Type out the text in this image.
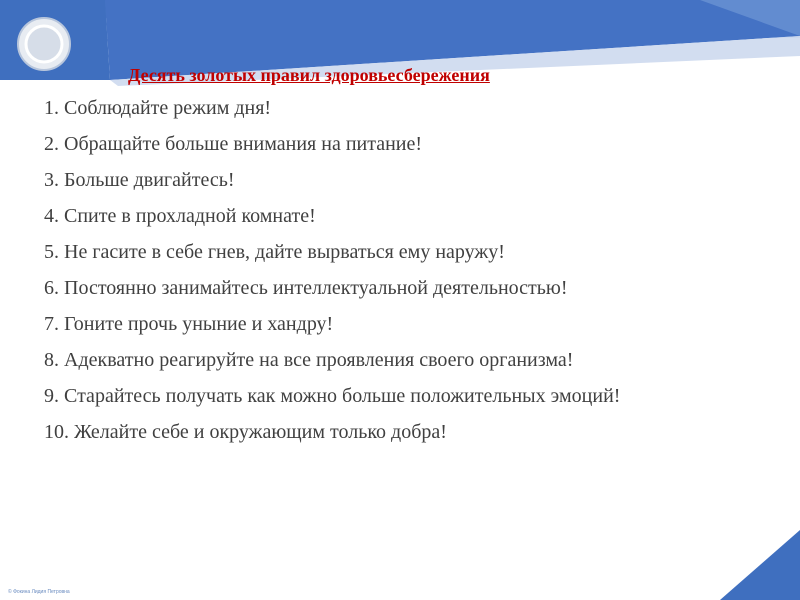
Десять золотых правил здоровьесбережения
1. Соблюдайте режим дня!
2. Обращайте больше внимания на питание!
3. Больше двигайтесь!
4. Спите в прохладной комнате!
5. Не гасите в себе гнев, дайте вырваться ему наружу!
6. Постоянно занимайтесь интеллектуальной деятельностью!
7. Гоните прочь уныние и хандру!
8. Адекватно реагируйте на все проявления своего организма!
9. Старайтесь получать как можно больше положительных эмоций!
10. Желайте себе и окружающим только добра!
© Фокина Лидия Петровна
